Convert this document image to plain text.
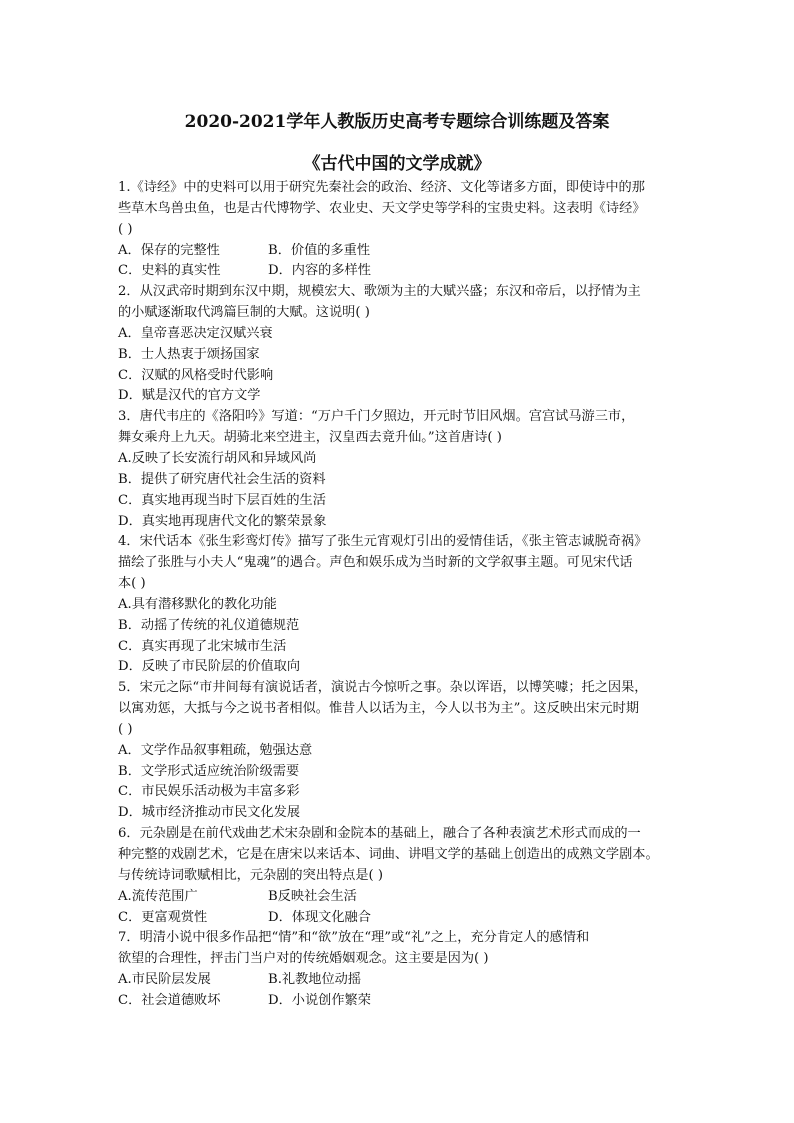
2020-2021学年人教版历史高考专题综合训练题及答案
《古代中国的文学成就》
1.《诗经》中的史料可以用于研究先秦社会的政治、经济、文化等诸多方面，即使诗中的那
些草木鸟兽虫鱼，也是古代博物学、农业史、天文学史等学科的宝贵史料。这表明《诗经》
( )
A．保存的完整性	B．价值的多重性
C．史料的真实性	D．内容的多样性
2．从汉武帝时期到东汉中期，规模宏大、歌颂为主的大赋兴盛；东汉和帝后，以抒情为主
的小赋逐渐取代鸿篇巨制的大赋。这说明( )
A．皇帝喜恶决定汉赋兴衰
B．士人热衷于颂扬国家
C．汉赋的风格受时代影响
D．赋是汉代的官方文学
3．唐代韦庄的《洛阳吟》写道：“万户千门夕照边，开元时节旧风烟。宫宫试马游三市，
舞女乘舟上九天。胡骑北来空进主，汉皇西去竟升仙。”这首唐诗( )
A.反映了长安流行胡风和异域风尚
B．提供了研究唐代社会生活的资料
C．真实地再现当时下层百姓的生活
D．真实地再现唐代文化的繁荣景象
4．宋代话本《张生彩鸾灯传》描写了张生元宵观灯引出的爱情佳话，《张主管志诚脱奇祸》
描绘了张胜与小夫人“鬼魂”的遇合。声色和娱乐成为当时新的文学叙事主题。可见宋代话
本( )
A.具有潜移默化的教化功能
B．动摇了传统的礼仪道德规范
C．真实再现了北宋城市生活
D．反映了市民阶层的价值取向
5．宋元之际“市井间每有演说话者，演说古今惊听之事。杂以诨语，以博笑噱；托之因果，
以寓劝惩，大抵与今之说书者相似。惟昔人以话为主，今人以书为主”。这反映出宋元时期
( )
A．文学作品叙事粗疏，勉强达意
B．文学形式适应统治阶级需要
C．市民娱乐活动极为丰富多彩
D．城市经济推动市民文化发展
6．元杂剧是在前代戏曲艺术宋杂剧和金院本的基础上，融合了各种表演艺术形式而成的一
种完整的戏剧艺术，它是在唐宋以来话本、词曲、讲唱文学的基础上创造出的成熟文学剧本。
与传统诗词歌赋相比，元杂剧的突出特点是( )
A.流传范围广	B反映社会生活
C．更富观赏性	D．体现文化融合
7．明清小说中很多作品把“情”和“欲”放在“理”或“礼”之上，充分肯定人的感情和
欲望的合理性，抨击门当户对的传统婚姻观念。这主要是因为( )
A.市民阶层发展	B.礼教地位动摇
C．社会道德败坏	D．小说创作繁荣
